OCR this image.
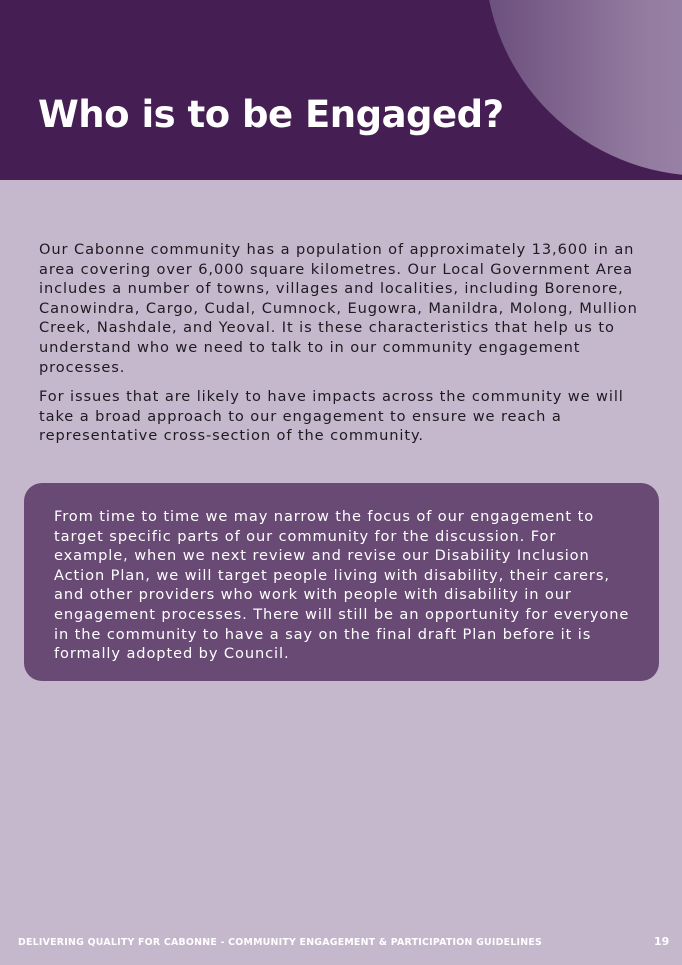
Who is to be Engaged?

Our Cabonne community has a population of approximately 13,600 in an area covering over 6,000 square kilometres. Our Local Government Area includes a number of towns, villages and localities, including Borenore, Canowindra, Cargo, Cudal, Cumnock, Eugowra, Manildra, Molong, Mullion Creek, Nashdale, and Yeoval. It is these characteristics that help us to understand who we need to talk to in our community engagement processes.

For issues that are likely to have impacts across the community we will take a broad approach to our engagement to ensure we reach a representative cross-section of the community.

From time to time we may narrow the focus of our engagement to target specific parts of our community for the discussion. For example, when we next review and revise our Disability Inclusion Action Plan, we will target people living with disability, their carers, and other providers who work with people with disability in our engagement processes. There will still be an opportunity for everyone in the community to have a say on the final draft Plan before it is formally adopted by Council.

DELIVERING QUALITY FOR CABONNE - COMMUNITY ENGAGEMENT & PARTICIPATION GUIDELINES	19
